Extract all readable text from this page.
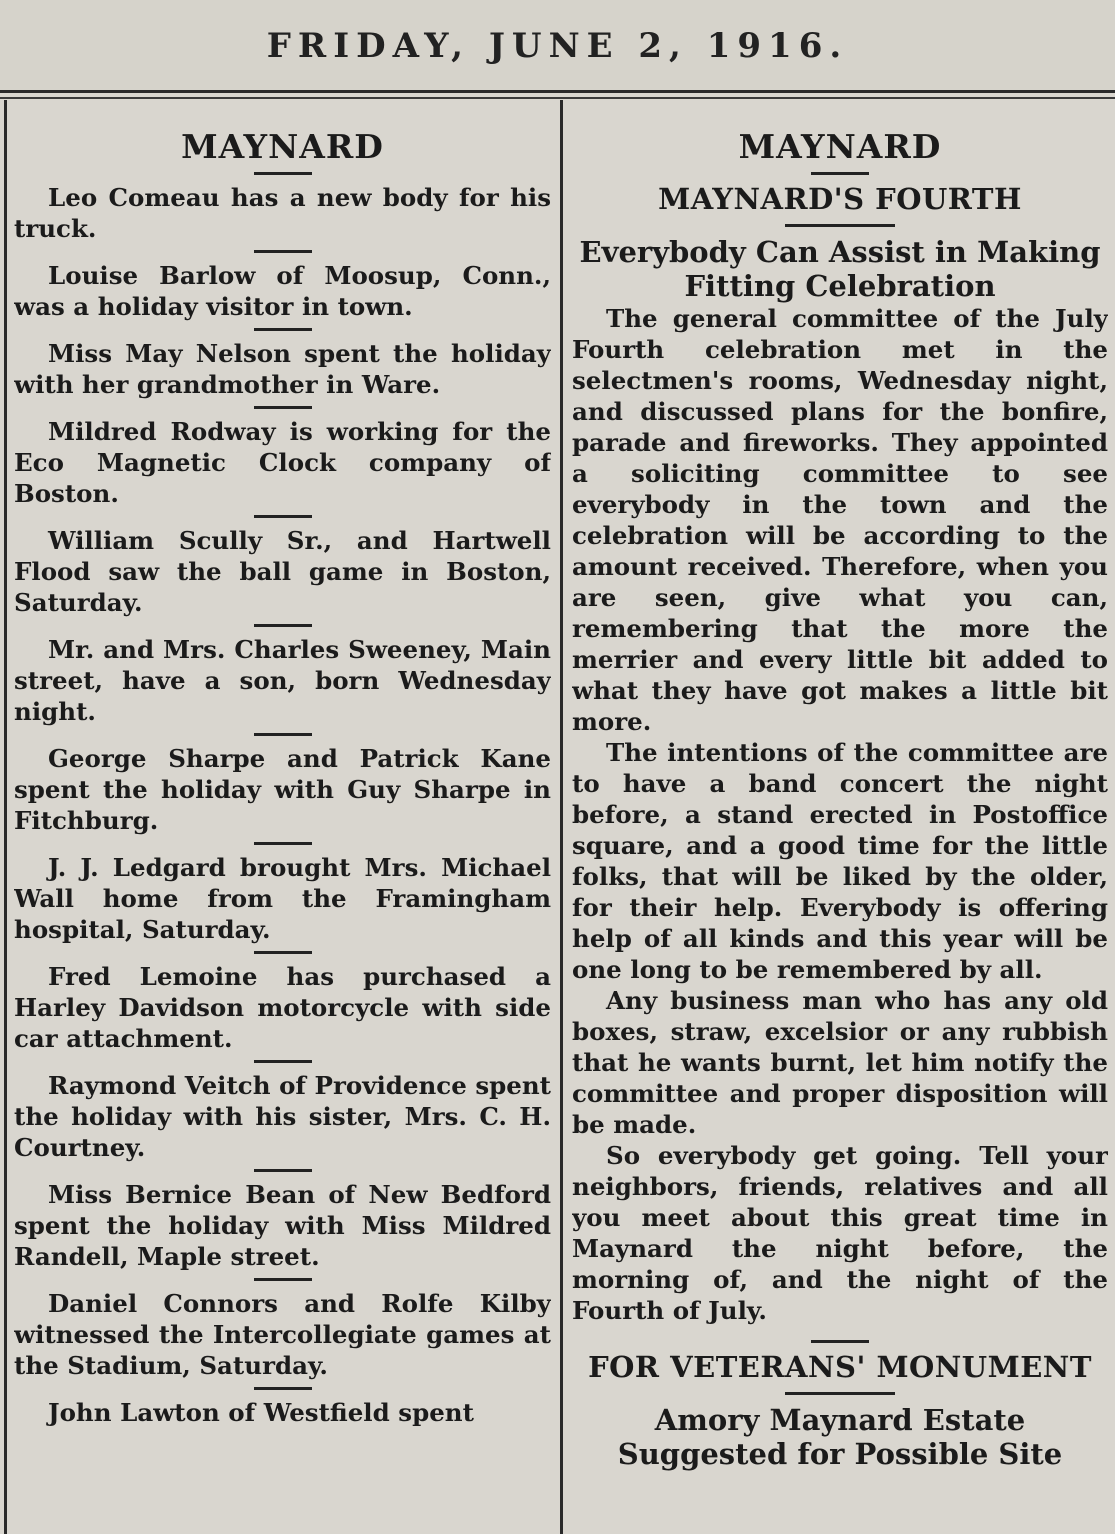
FRIDAY, JUNE 2, 1916.
MAYNARD

Leo Comeau has a new body for his truck.

Louise Barlow of Moosup, Conn., was a holiday visitor in town.

Miss May Nelson spent the holiday with her grandmother in Ware.

Mildred Rodway is working for the Eco Magnetic Clock company of Boston.

William Scully Sr., and Hartwell Flood saw the ball game in Boston, Saturday.

Mr. and Mrs. Charles Sweeney, Main street, have a son, born Wednesday night.

George Sharpe and Patrick Kane spent the holiday with Guy Sharpe in Fitchburg.

J. J. Ledgard brought Mrs. Michael Wall home from the Framingham hospital, Saturday.

Fred Lemoine has purchased a Harley Davidson motorcycle with side car attachment.

Raymond Veitch of Providence spent the holiday with his sister, Mrs. C. H. Courtney.

Miss Bernice Bean of New Bedford spent the holiday with Miss Mildred Randell, Maple street.

Daniel Connors and Rolfe Kilby witnessed the Intercollegiate games at the Stadium, Saturday.

John Lawton of Westfield spent

MAYNARD
MAYNARD'S FOURTH
Everybody Can Assist in Making Fitting Celebration

The general committee of the July Fourth celebration met in the selectmen's rooms, Wednesday night, and discussed plans for the bonfire, parade and fireworks. They appointed a soliciting committee to see everybody in the town and the celebration will be according to the amount received. Therefore, when you are seen, give what you can, remembering that the more the merrier and every little bit added to what they have got makes a little bit more.

The intentions of the committee are to have a band concert the night before, a stand erected in Postoffice square, and a good time for the little folks, that will be liked by the older, for their help. Everybody is offering help of all kinds and this year will be one long to be remembered by all.

Any business man who has any old boxes, straw, excelsior or any rubbish that he wants burnt, let him notify the committee and proper disposition will be made.

So everybody get going. Tell your neighbors, friends, relatives and all you meet about this great time in Maynard the night before, the morning of, and the night of the Fourth of July.

FOR VETERANS' MONUMENT
Amory Maynard Estate Suggested for Possible Site
